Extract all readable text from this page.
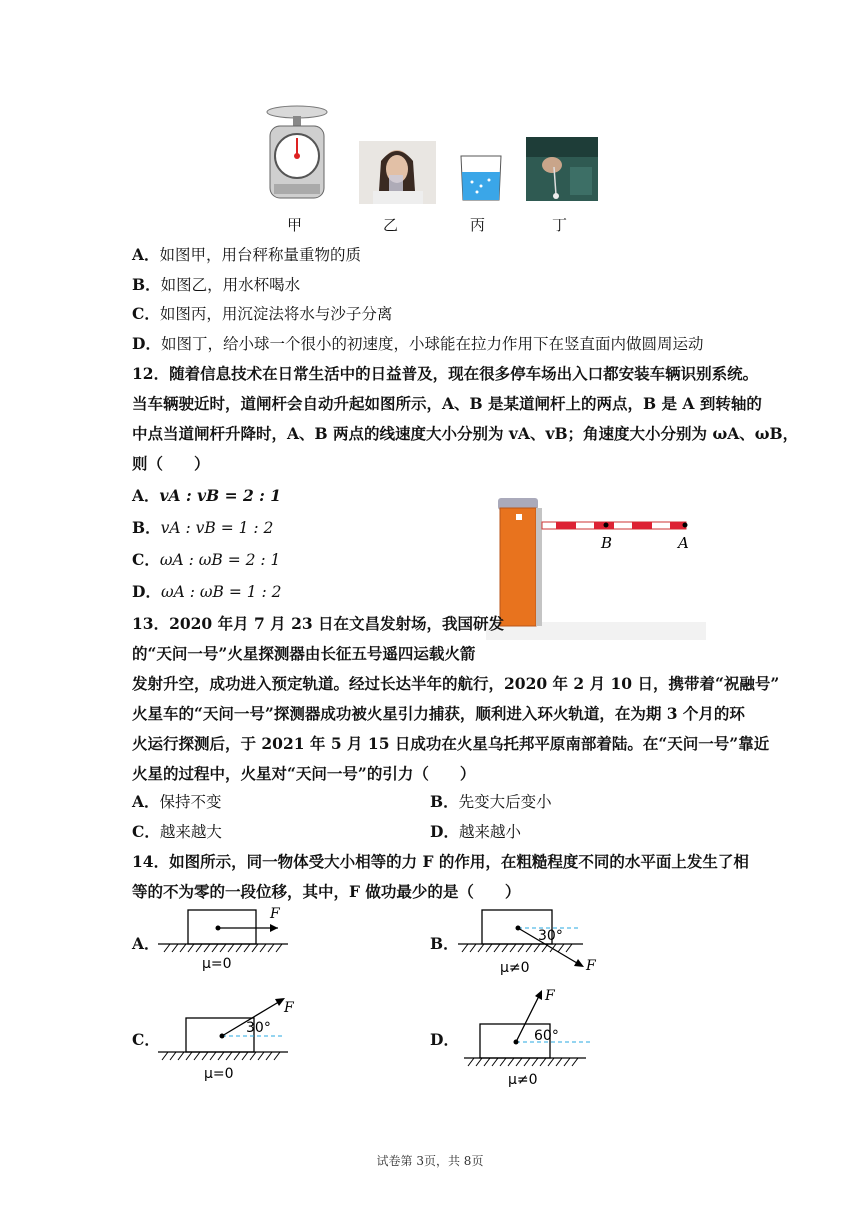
甲	乙	丙	丁
A．如图甲，用台秤称量重物的质
B．如图乙，用水杯喝水
C．如图丙，用沉淀法将水与沙子分离
D．如图丁，给小球一个很小的初速度，小球能在拉力作用下在竖直面内做圆周运动
12．随着信息技术在日常生活中的日益普及，现在很多停车场出入口都安装车辆识别系统。
当车辆驶近时，道闸杆会自动升起如图所示，A、B 是某道闸杆上的两点，B 是 A 到转轴的
中点当道闸杆升降时，A、B 两点的线速度大小分别为 vA、vB；角速度大小分别为 ωA、ωB，
则（　　）
A．vA : vB = 2 : 1
B．vA : vB = 1 : 2
C．ωA : ωB = 2 : 1
D．ωA : ωB = 1 : 2
B	A
13．2020 年月 7 月 23 日在文昌发射场，我国研发
的“天问一号”火星探测器由长征五号遥四运载火箭
发射升空，成功进入预定轨道。经过长达半年的航行，2020 年 2 月 10 日，携带着“祝融号”
火星车的“天问一号”探测器成功被火星引力捕获，顺利进入环火轨道，在为期 3 个月的环
火运行探测后，于 2021 年 5 月 15 日成功在火星乌托邦平原南部着陆。在“天问一号”靠近
火星的过程中，火星对“天问一号”的引力（　　）
A．保持不变	B．先变大后变小
C．越来越大	D．越来越小
14．如图所示，同一物体受大小相等的力 F 的作用，在粗糙程度不同的水平面上发生了相
等的不为零的一段位移，其中，F 做功最少的是（　　）
A．
F
μ=0
B．	30°
F
μ≠0
C．
30°
F
μ=0
D．	60°
F
μ≠0
试卷第 3页，共 8页
